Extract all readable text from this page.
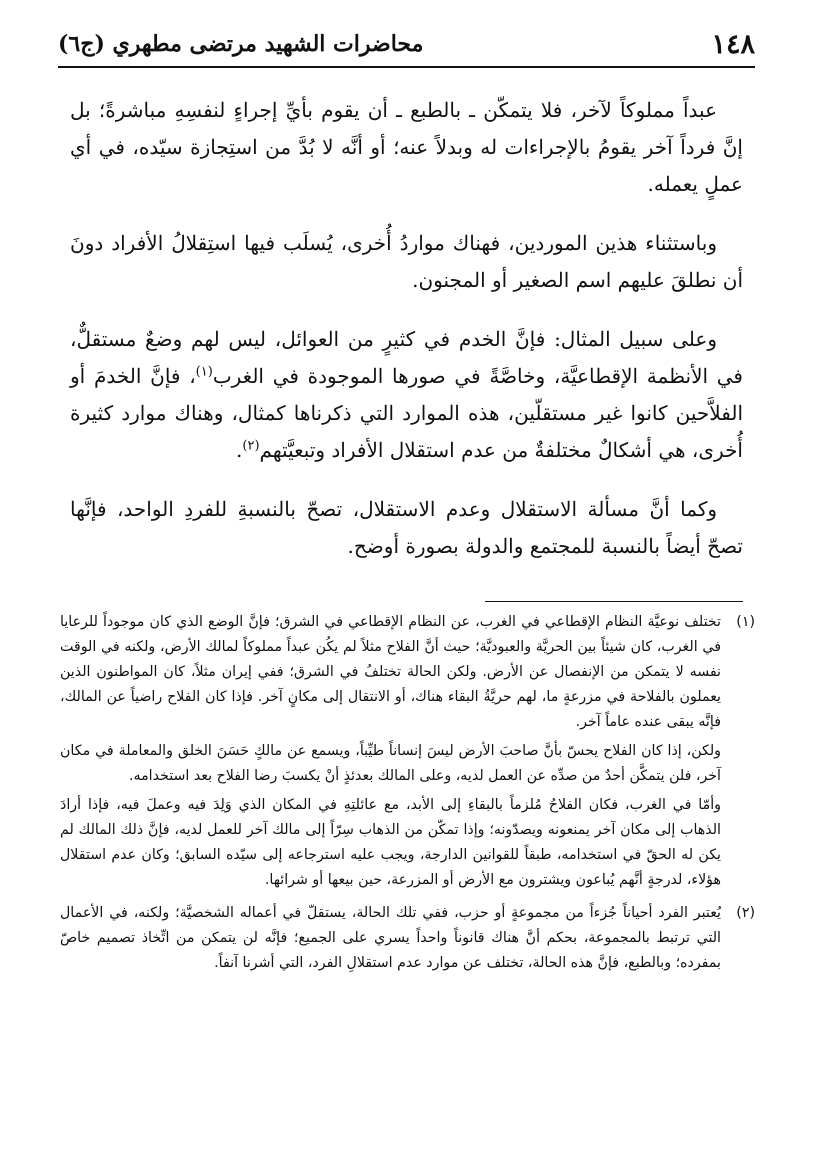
١٤٨
محاضرات الشهيد مرتضى مطهري (ج٦)

عبداً مملوكاً لآخر، فلا يتمكّن ـ بالطبع ـ أن يقوم بأيِّ إجراءٍ لنفسِهِ مباشرةً؛ بل إنَّ فرداً آخر يقومُ بالإجراءات له وبدلاً عنه؛ أو أنَّه لا بُدَّ من استِجازة سيّده، في أي عملٍ يعمله.

وباستثناء هذين الموردين، فهناك مواردُ أُخرى، يُسلَب فيها استِقلالُ الأفراد دونَ أن نطلقَ عليهم اسم الصغير أو المجنون.

وعلى سبيل المثال: فإنَّ الخدم في كثيرٍ من العوائل، ليس لهم وضعٌ مستقلٌّ، في الأنظمة الإقطاعيَّة، وخاصَّةً في صورها الموجودة في الغرب$^{(١)}$، فإنَّ الخدمَ أو الفلاَّحين كانوا غير مستقلّين، هذه الموارد التي ذكرناها كمثال، وهناك موارد كثيرة أُخرى، هي أشكالٌ مختلفةٌ من عدم استقلال الأفراد وتبعيَّتهم$^{(٢)}$.

وكما أنَّ مسألة الاستقلال وعدم الاستقلال، تصحّ بالنسبةِ للفردِ الواحد، فإنَّها تصحّ أيضاً بالنسبة للمجتمع والدولة بصورة أوضح.

(١)

تختلف نوعيَّة النظام الإقطاعي في الغرب، عن النظام الإقطاعي في الشرق؛ فإنَّ الوضع الذي كان موجوداً للرعايا في الغرب، كان شيئاً بين الحريَّة والعبوديَّة؛ حيث أنَّ الفلاح مثلاً لم يكُن عبداً مملوكاً لمالك الأرض، ولكنه في الوقت نفسه لا يتمكن من الإنفصال عن الأرض. ولكن الحالة تختلفُ في الشرق؛ ففي إيران مثلاً، كان المواطنون الذين يعملون بالفلاحة في مزرعةٍ ما، لهم حريَّةُ البقاء هناك، أو الانتقال إلى مكانٍ آخر. فإذا كان الفلاح راضياً عن المالك، فإنَّه يبقى عنده عاماً آخر.

ولكن، إذا كان الفلاح يحسّ بأنَّ صاحبَ الأرض ليسَ إنساناً طيِّباً، ويسمع عن مالكٍ حَسَنَ الخلق والمعاملة في مكان آخر، فلن يتمكَّن أحدٌ من صدِّه عن العمل لديه، وعلى المالك بعدئذٍ أنْ يكسبَ رضا الفلاح بعد استخدامه.

وأمّا في الغرب، فكان الفلاحُ مُلزماً بالبقاءِ إلى الأبد، مع عائلتِهِ في المكان الذي وَلِدَ فيه وعملَ فيه، فإذا أرادَ الذهاب إلى مكان آخر يمنعونه ويصدّونه؛ وإذا تمكّن من الذهاب سِرّاً إلى مالك آخر للعمل لديه، فإنَّ ذلك المالك لم يكن له الحقّ في استخدامه، طبقاً للقوانين الدارجة، ويجب عليه استرجاعه إلى سيّده السابق؛ وكان عدم استقلال هؤلاء، لدرجةٍ أنَّهم يُباعون ويشترون مع الأرض أو المزرعة، حين بيعها أو شرائها.

(٢)

يُعتبر الفرد أحياناً جُزءاً من مجموعةٍ أو حزب، ففي تلك الحالة، يستقلّ في أعماله الشخصيَّة؛ ولكنه، في الأعمال التي ترتبط بالمجموعة، بحكم أنَّ هناك قانوناً واحداً يسري على الجميع؛ فإنَّه لن يتمكن من اتِّخاذ تصميم خاصّ بمفرده؛ وبالطبع، فإنَّ هذه الحالة، تختلف عن موارد عدم استقلالِ الفرد، التي أشرنا آنفاً.
